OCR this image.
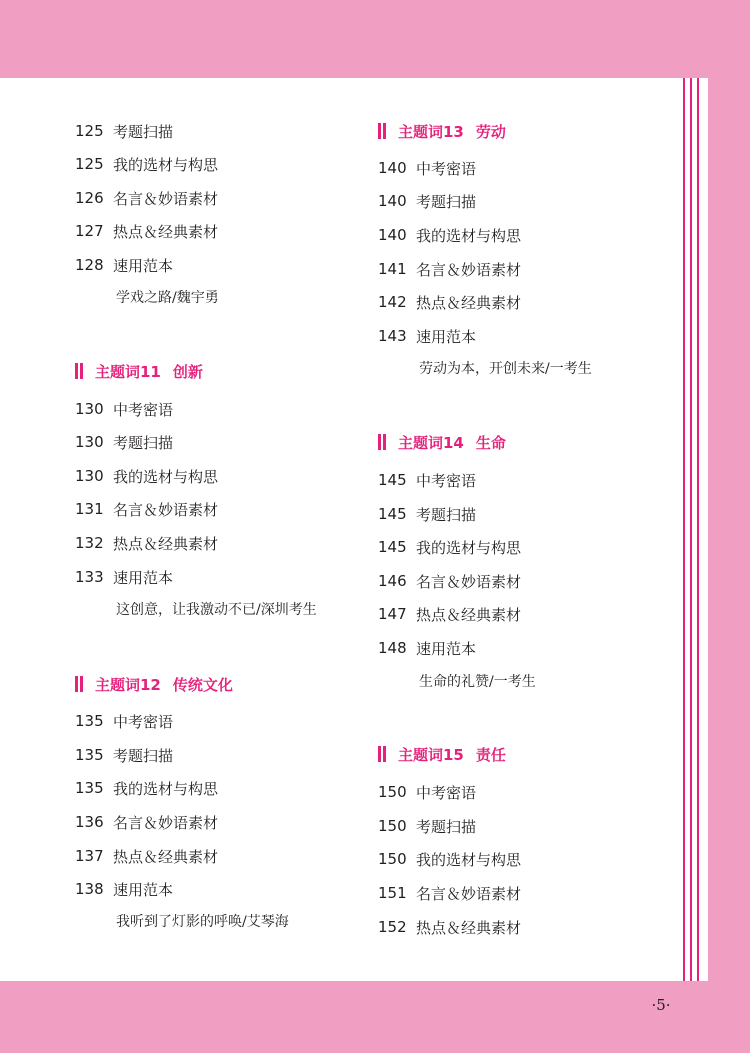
·5·
125 考题扫描
125 我的选材与构思
126 名言＆妙语素材
127 热点＆经典素材
128 速用范本
学戏之路/魏宇勇
主题词11 创新
130 中考密语
130 考题扫描
130 我的选材与构思
131 名言＆妙语素材
132 热点＆经典素材
133 速用范本
这创意，让我激动不已/深圳考生
主题词12 传统文化
135 中考密语
135 考题扫描
135 我的选材与构思
136 名言＆妙语素材
137 热点＆经典素材
138 速用范本
我听到了灯影的呼唤/艾琴海
主题词13 劳动
140 中考密语
140 考题扫描
140 我的选材与构思
141 名言＆妙语素材
142 热点＆经典素材
143 速用范本
劳动为本，开创未来/一考生
主题词14 生命
145 中考密语
145 考题扫描
145 我的选材与构思
146 名言＆妙语素材
147 热点＆经典素材
148 速用范本
生命的礼赞/一考生
主题词15 责任
150 中考密语
150 考题扫描
150 我的选材与构思
151 名言＆妙语素材
152 热点＆经典素材
